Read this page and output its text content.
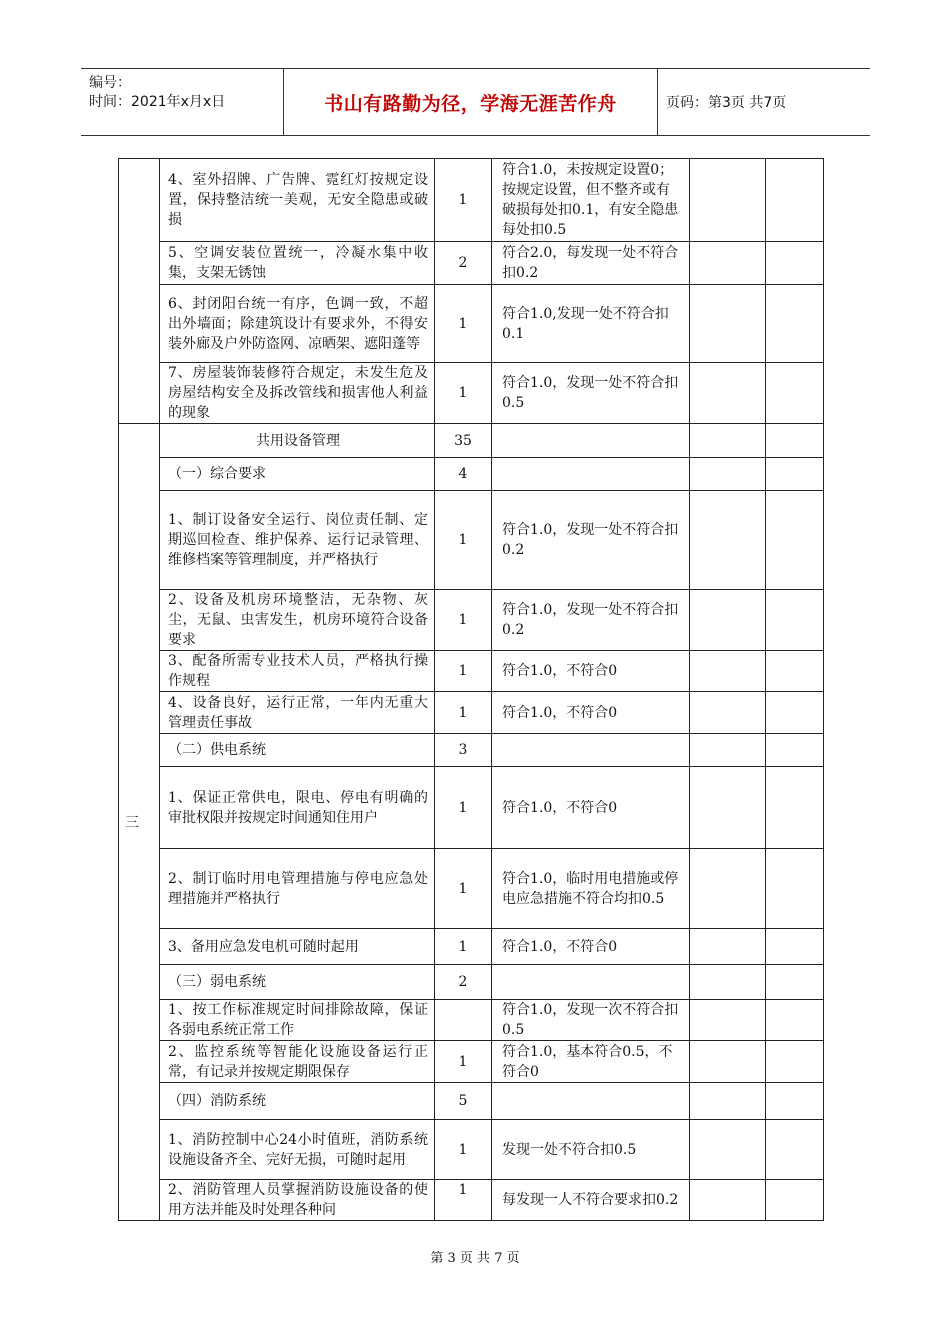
编号：
时间：2021年x月x日	书山有路勤为径，学海无涯苦作舟	页码：第3页 共7页
	4、室外招牌、广告牌、霓红灯按规定设置，保持整洁统一美观，无安全隐患或破损	1	符合1.0，未按规定设置0；按规定设置，但不整齐或有破损每处扣0.1，有安全隐患每处扣0.5		
	5、空调安装位置统一，冷凝水集中收集，支架无锈蚀	2	符合2.0，每发现一处不符合扣0.2		
	6、封闭阳台统一有序，色调一致，不超出外墙面；除建筑设计有要求外，不得安装外廊及户外防盗网、凉晒架、遮阳蓬等	1	符合1.0,发现一处不符合扣0.1		
	7、房屋装饰装修符合规定，未发生危及房屋结构安全及拆改管线和损害他人利益的现象	1	符合1.0，发现一处不符合扣0.5		
三	共用设备管理	35			
	（一）综合要求	4			
	1、制订设备安全运行、岗位责任制、定期巡回检查、维护保养、运行记录管理、维修档案等管理制度，并严格执行	1	符合1.0，发现一处不符合扣0.2		
	2、设备及机房环境整洁，无杂物、灰尘，无鼠、虫害发生，机房环境符合设备要求	1	符合1.0，发现一处不符合扣0.2		
	3、配备所需专业技术人员，严格执行操作规程	1	符合1.0，不符合0		
	4、设备良好，运行正常，一年内无重大管理责任事故	1	符合1.0，不符合0		
	（二）供电系统	3			
	1、保证正常供电，限电、停电有明确的审批权限并按规定时间通知住用户	1	符合1.0，不符合0		
	2、制订临时用电管理措施与停电应急处理措施并严格执行	1	符合1.0，临时用电措施或停电应急措施不符合均扣0.5		
	3、备用应急发电机可随时起用	1	符合1.0，不符合0		
	（三）弱电系统	2			
	1、按工作标准规定时间排除故障，保证各弱电系统正常工作		符合1.0，发现一次不符合扣0.5		
	2、监控系统等智能化设施设备运行正常，有记录并按规定期限保存	1	符合1.0，基本符合0.5，不符合0		
	（四）消防系统	5			
	1、消防控制中心24小时值班，消防系统设施设备齐全、完好无损，可随时起用	1	发现一处不符合扣0.5		
	2、消防管理人员掌握消防设施设备的使用方法并能及时处理各种问	1	每发现一人不符合要求扣0.2		
第 3 页 共 7 页
